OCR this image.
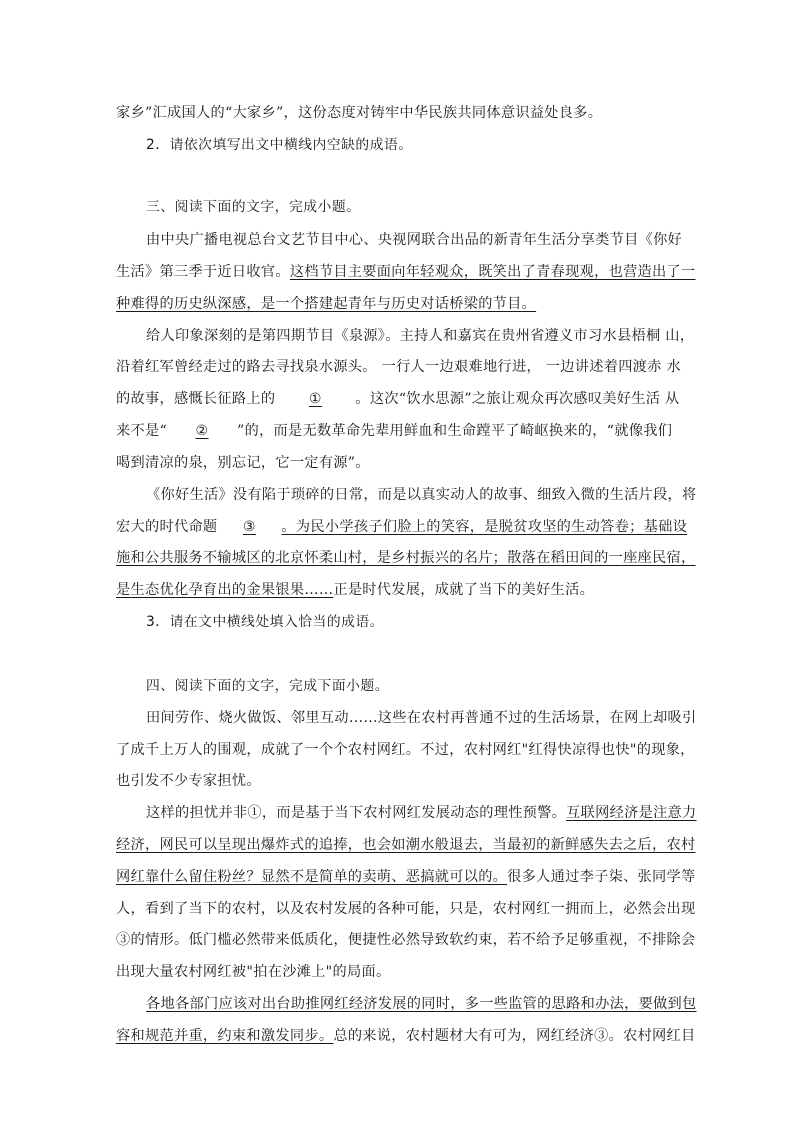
家乡”汇成国人的“大家乡”，这份态度对铸牢中华民族共同体意识益处良多。
2．请依次填写出文中横线内空缺的成语。
三、阅读下面的文字，完成小题。
由中央广播电视总台文艺节目中心、央视网联合出品的新青年生活分享类节目《你好
生活》第三季于近日收官。这档节目主要面向年轻观众，既笑出了青春现观，也营造出了一
种难得的历史纵深感，是一个搭建起青年与历史对话桥梁的节目。
给人印象深刻的是第四期节目《泉源》。主持人和嘉宾在贵州省遵义市习水县梧桐 山，
沿着红军曾经走过的路去寻找泉水源头。 一行人一边艰难地行进， 一边讲述着四渡赤 水
的故事，感慨长征路上的 ① 。这次“饮水思源”之旅让观众再次感叹美好生活 从
来不是“ ② ”的，而是无数革命先辈用鲜血和生命蹚平了崎岖换来的，“就像我们
喝到清凉的泉，别忘记，它一定有源”。
《你好生活》没有陷于琐碎的日常，而是以真实动人的故事、细致入微的生活片段，将
宏大的时代命题 ③ 。为民小学孩子们脸上的笑容，是脱贫攻坚的生动答卷；基础设
施和公共服务不输城区的北京怀柔山村，是乡村振兴的名片；散落在稻田间的一座座民宿，
是生态优化孕育出的金果银果……正是时代发展，成就了当下的美好生活。
3．请在文中横线处填入恰当的成语。
四、阅读下面的文字，完成下面小题。
田间劳作、烧火做饭、邻里互动……这些在农村再普通不过的生活场景，在网上却吸引
了成千上万人的围观，成就了一个个农村网红。不过，农村网红"红得快凉得也快"的现象，
也引发不少专家担忧。
这样的担忧并非①，而是基于当下农村网红发展动态的理性预警。互联网经济是注意力
经济，网民可以呈现出爆炸式的追捧，也会如潮水般退去，当最初的新鲜感失去之后，农村
网红靠什么留住粉丝？显然不是简单的卖萌、恶搞就可以的。很多人通过李子柒、张同学等
人，看到了当下的农村，以及农村发展的各种可能，只是，农村网红一拥而上，必然会出现
③的情形。低门槛必然带来低质化，便捷性必然导致软约束，若不给予足够重视，不排除会
出现大量农村网红被"拍在沙滩上"的局面。
各地各部门应该对出台助推网红经济发展的同时，多一些监管的思路和办法，要做到包
容和规范并重，约束和激发同步。总的来说，农村题材大有可为，网红经济③。农村网红目
